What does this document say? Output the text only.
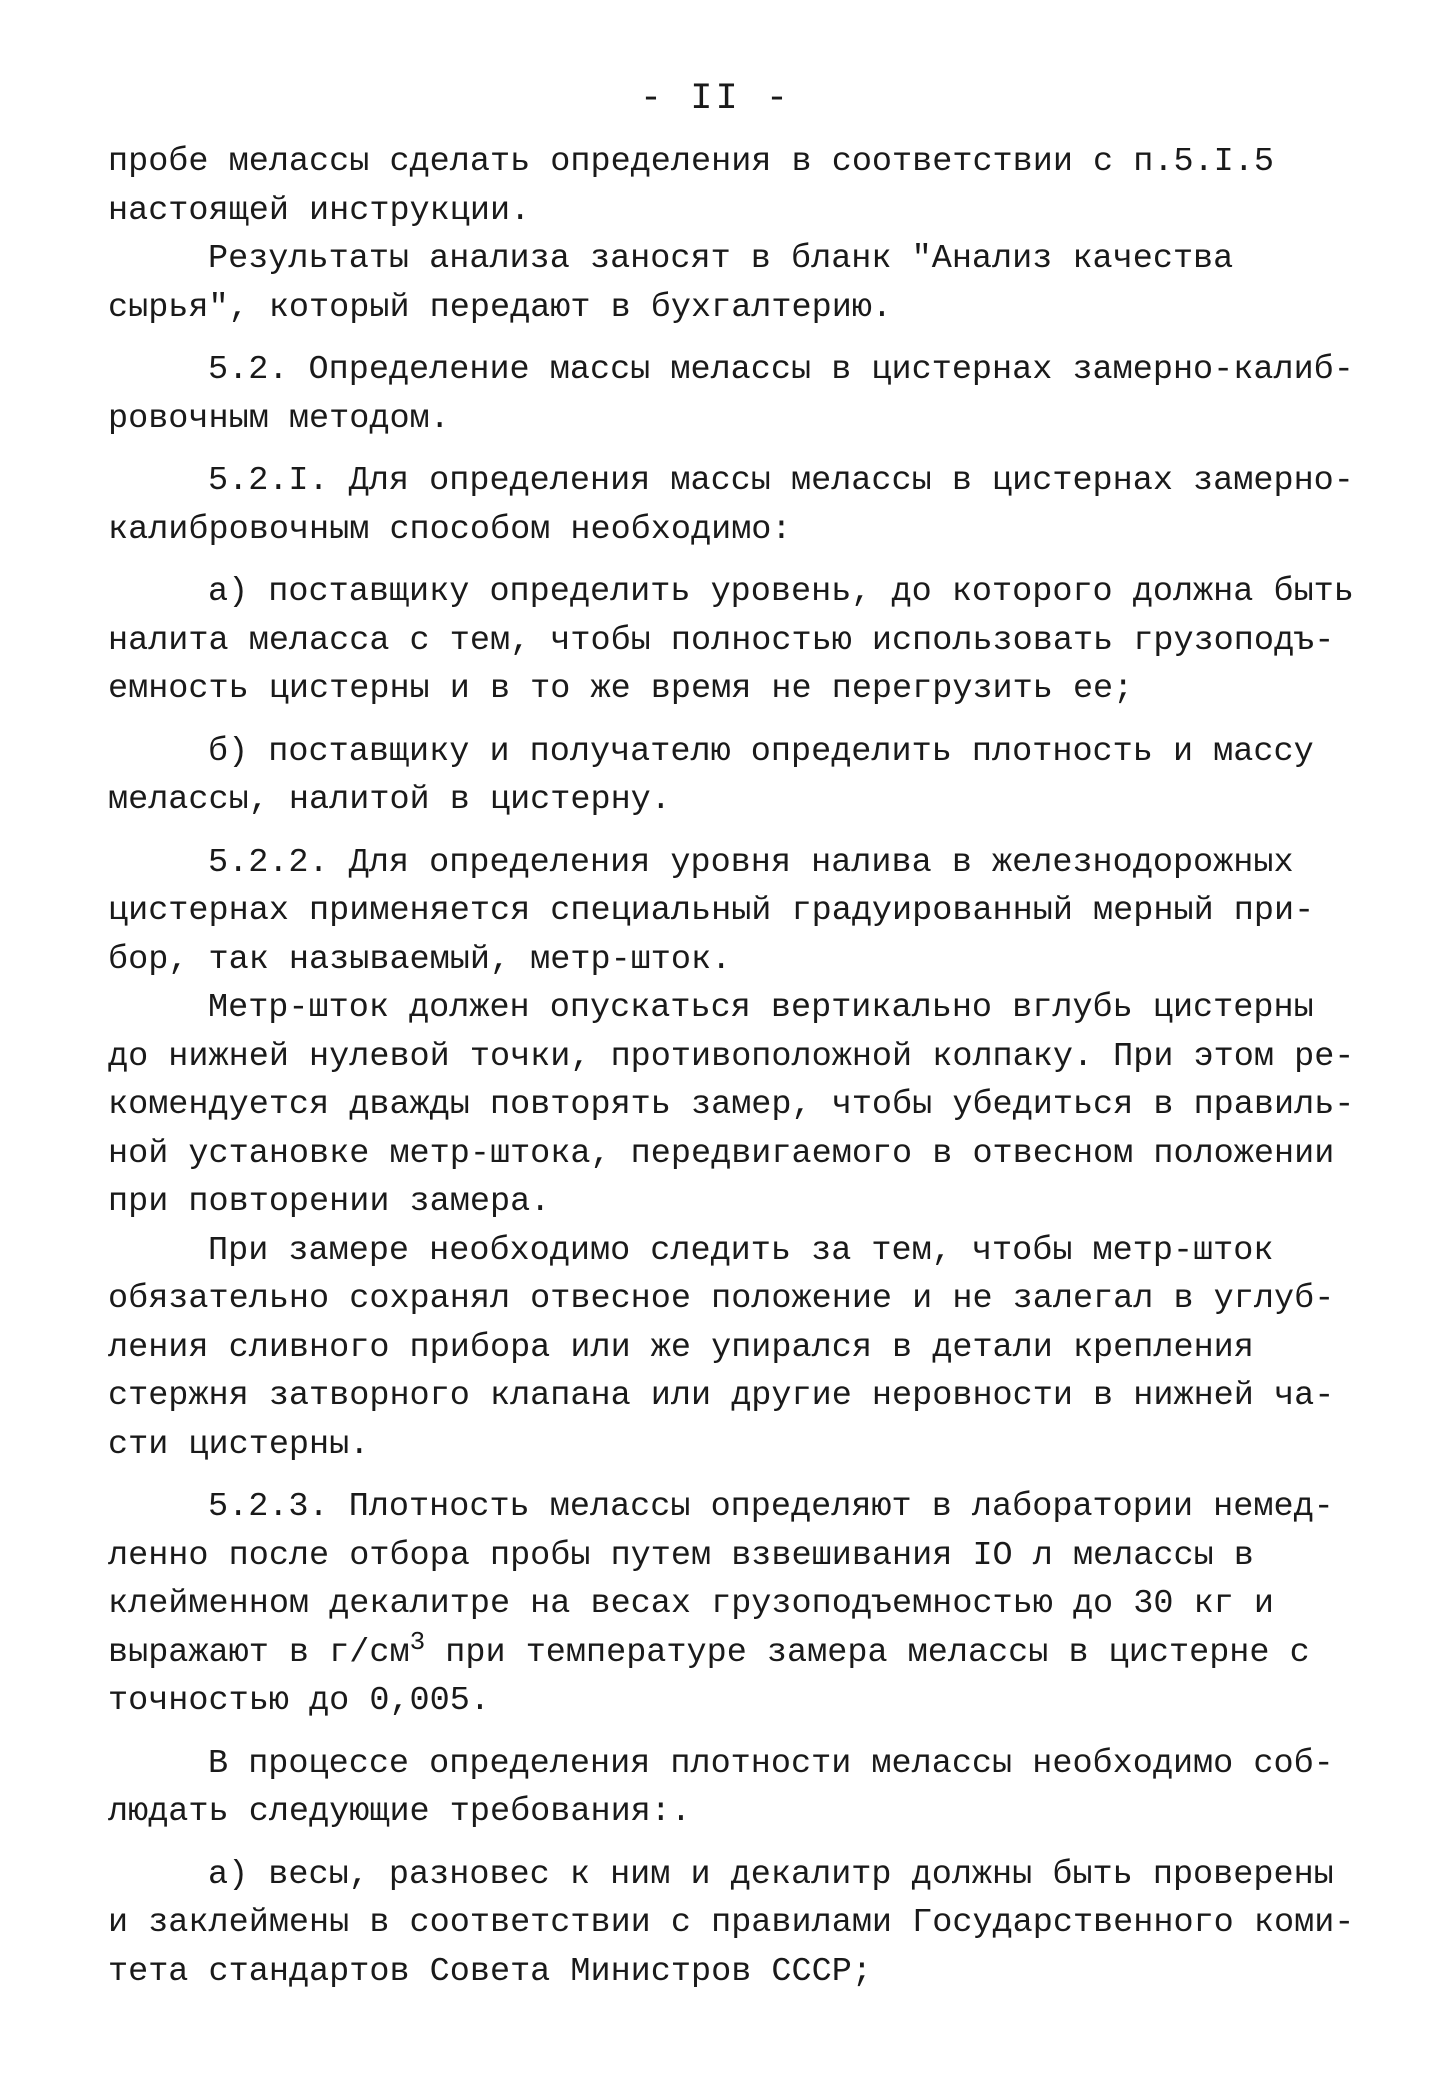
- II -
пробе мелассы сделать определения в соответствии с п.5.I.5
настоящей инструкции.
Результаты анализа заносят в бланк "Анализ качества
сырья", который передают в бухгалтерию.
5.2. Определение массы мелассы в цистернах замерно-калиб-
ровочным методом.
5.2.I. Для определения массы мелассы в цистернах замерно-
калибровочным способом необходимо:
а) поставщику определить уровень, до которого должна быть
налита меласса с тем, чтобы полностью использовать грузоподъ-
емность цистерны и в то же время не перегрузить ее;
б) поставщику и получателю определить плотность и массу
мелассы, налитой в цистерну.
5.2.2. Для определения уровня налива в железнодорожных
цистернах применяется специальный градуированный мерный при-
бор, так называемый, метр-шток.
Метр-шток должен опускаться вертикально вглубь цистерны
до нижней нулевой точки, противоположной колпаку. При этом ре-
комендуется дважды повторять замер, чтобы убедиться в правиль-
ной установке метр-штока, передвигаемого в отвесном положении
при повторении замера.
При замере необходимо следить за тем, чтобы метр-шток
обязательно сохранял отвесное положение и не залегал в углуб-
ления сливного прибора или же упирался в детали крепления
стержня затворного клапана или другие неровности в нижней ча-
сти цистерны.
5.2.3. Плотность мелассы определяют в лаборатории немед-
ленно после отбора пробы путем взвешивания IO л мелассы в
клейменном декалитре на весах грузоподъемностью до 30 кг и
выражают в $г/см^3$ при температуре замера мелассы в цистерне с
точностью до 0,005.
В процессе определения плотности мелассы необходимо соб-
людать следующие требования:.
а) весы, разновес к ним и декалитр должны быть проверены
и заклеймены в соответствии с правилами Государственного коми-
тета стандартов Совета Министров СССР;
